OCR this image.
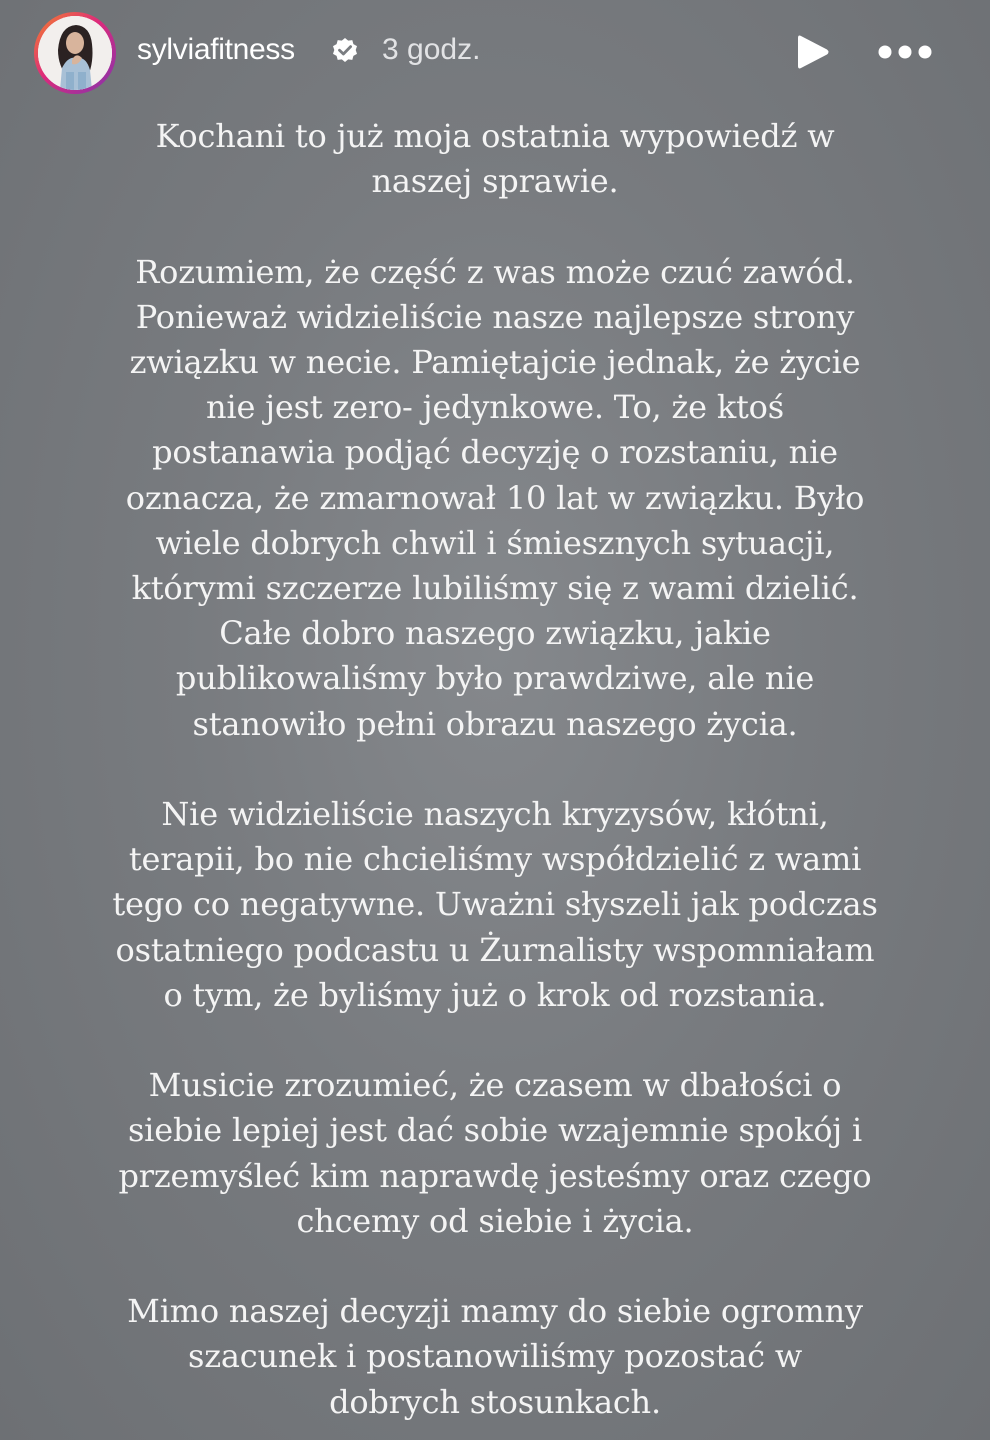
sylviafitness	3 godz.

Kochani to już moja ostatnia wypowiedź w
naszej sprawie.

Rozumiem, że część z was może czuć zawód.
Ponieważ widzieliście nasze najlepsze strony
związku w necie. Pamiętajcie jednak, że życie
nie jest zero- jedynkowe. To, że ktoś
postanawia podjąć decyzję o rozstaniu, nie
oznacza, że zmarnował 10 lat w związku. Było
wiele dobrych chwil i śmiesznych sytuacji,
którymi szczerze lubiliśmy się z wami dzielić.
Całe dobro naszego związku, jakie
publikowaliśmy było prawdziwe, ale nie
stanowiło pełni obrazu naszego życia.

Nie widzieliście naszych kryzysów, kłótni,
terapii, bo nie chcieliśmy współdzielić z wami
tego co negatywne. Uważni słyszeli jak podczas
ostatniego podcastu u Żurnalisty wspomniałam
o tym, że byliśmy już o krok od rozstania.

Musicie zrozumieć, że czasem w dbałości o
siebie lepiej jest dać sobie wzajemnie spokój i
przemyśleć kim naprawdę jesteśmy oraz czego
chcemy od siebie i życia.

Mimo naszej decyzji mamy do siebie ogromny
szacunek i postanowiliśmy pozostać w
dobrych stosunkach.
